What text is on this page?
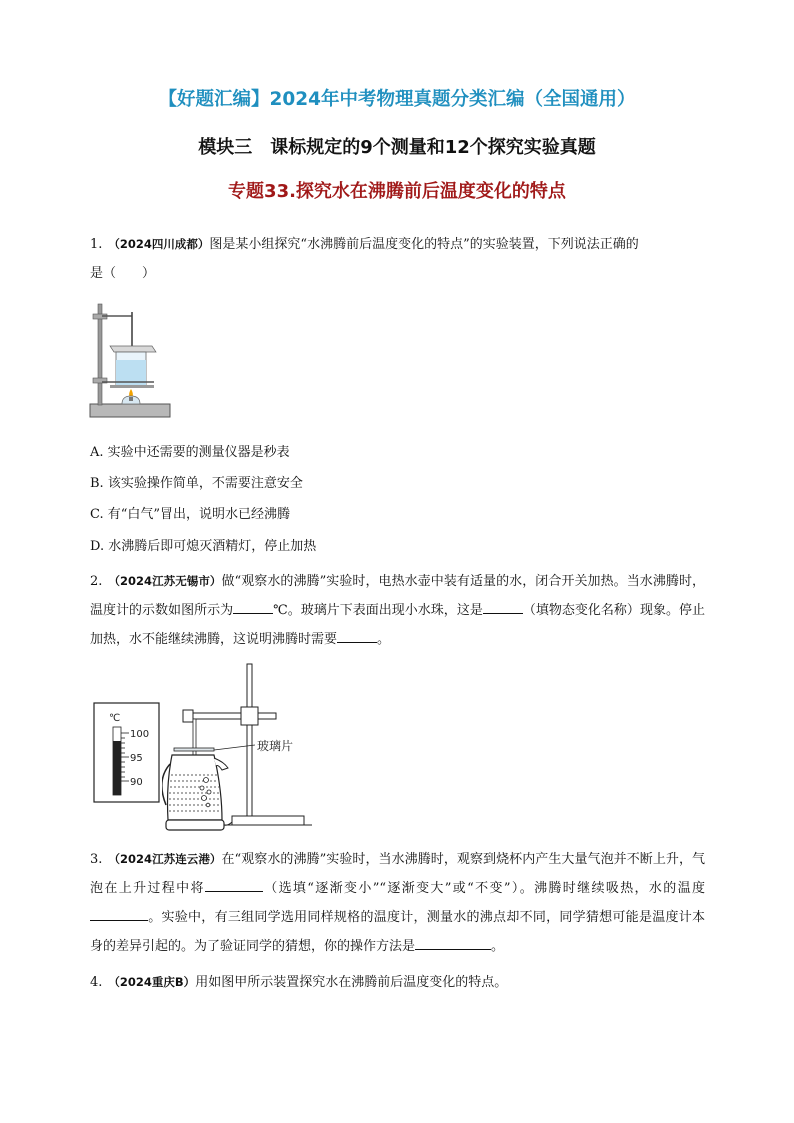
【好题汇编】2024年中考物理真题分类汇编（全国通用）
模块三　课标规定的9个测量和12个探究实验真题
专题33.探究水在沸腾前后温度变化的特点
1. （2024四川成都）图是某小组探究“水沸腾前后温度变化的特点”的实验装置，下列说法正确的
是（　　）
A. 实验中还需要的测量仪器是秒表
B. 该实验操作简单，不需要注意安全
C. 有“白气”冒出，说明水已经沸腾
D. 水沸腾后即可熄灭酒精灯，停止加热
2. （2024江苏无锡市）做“观察水的沸腾”实验时，电热水壶中装有适量的水，闭合开关加热。当水沸腾时，温度计的示数如图所示为	℃。玻璃片下表面出现小水珠，这是	（填物态变化名称）现象。停止加热，水不能继续沸腾，这说明沸腾时需要	。
℃
100
95
90
玻璃片
3. （2024江苏连云港）在“观察水的沸腾”实验时，当水沸腾时，观察到烧杯内产生大量气泡并不断上升，气泡在上升过程中将	（选填“逐渐变小”“逐渐变大”或“不变”）。沸腾时继续吸热，水的温度。实验中，有三组同学选用同样规格的温度计，测量水的沸点却不同，同学猜想可能是温度计本身的差异引起的。为了验证同学的猜想，你的操作方法是	。
4. （2024重庆B）用如图甲所示装置探究水在沸腾前后温度变化的特点。
